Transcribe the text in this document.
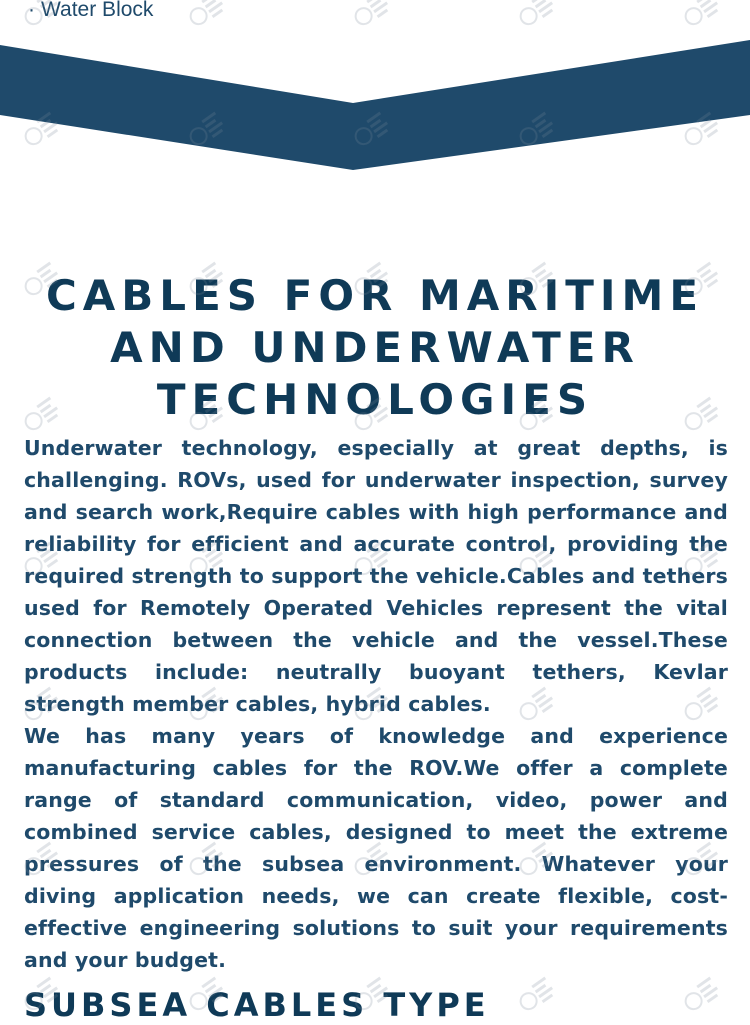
· Water Block
CABLES FOR MARITIME AND UNDERWATER TECHNOLOGIES

Underwater technology, especially at great depths, is challenging. ROVs, used for underwater inspection, survey and search work,Require cables with high performance and reliability for efficient and accurate control, providing the required strength to support the vehicle.Cables and tethers used for Remotely Operated Vehicles represent the vital connection between the vehicle and the vessel.These products include: neutrally buoyant tethers, Kevlar strength member cables, hybrid cables.

We has many years of knowledge and experience manufacturing cables for the ROV.We offer a complete range of standard communication, video, power and combined service cables, designed to meet the extreme pressures of the subsea environment. Whatever your diving application needs, we can create flexible, cost-effective engineering solutions to suit your requirements and your budget.

SUBSEA CABLES TYPE
